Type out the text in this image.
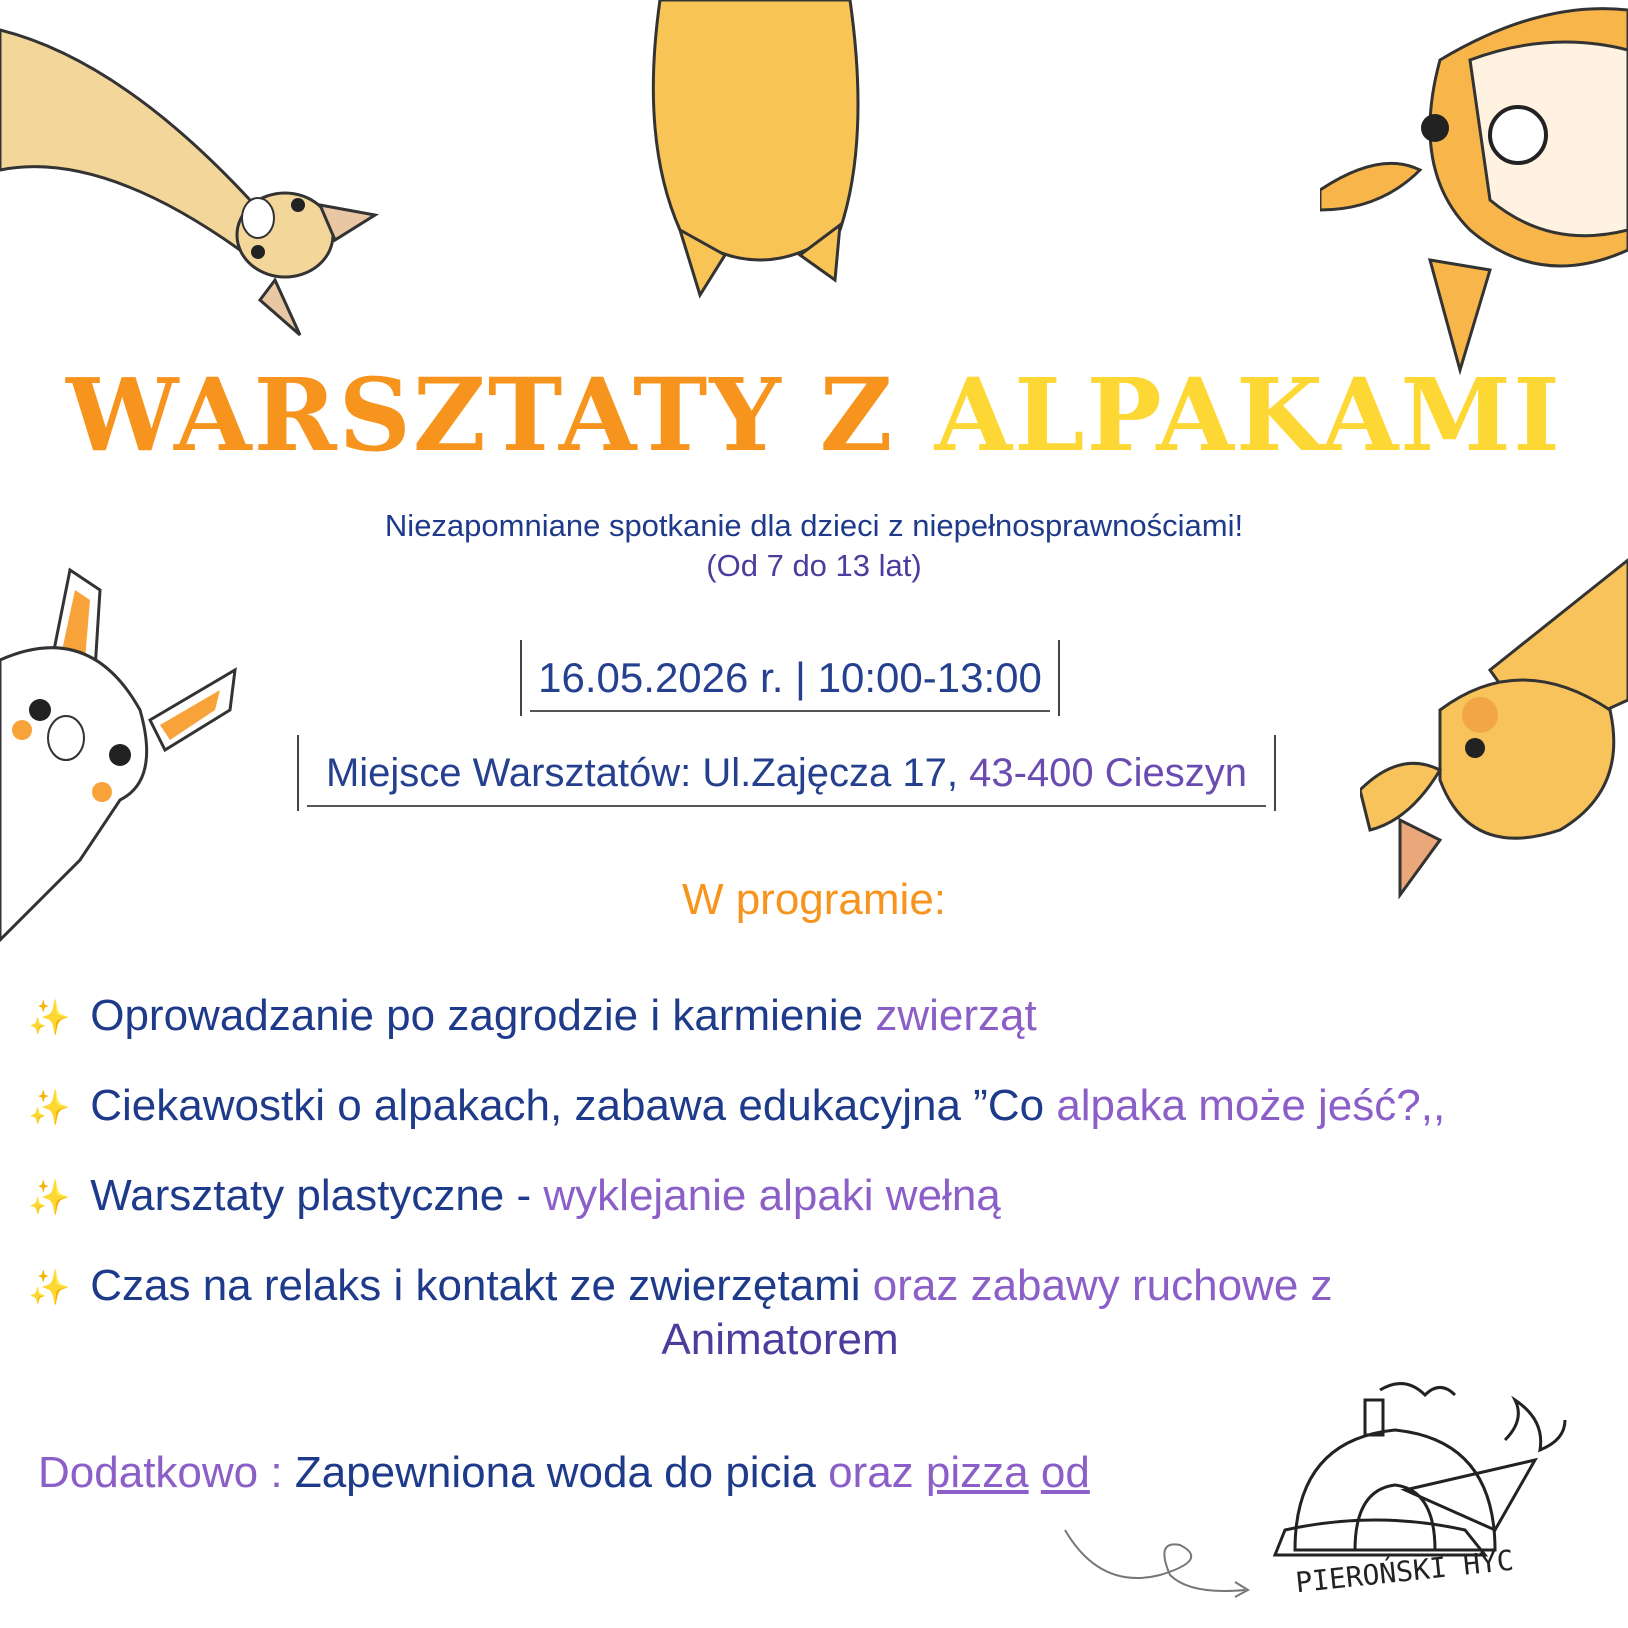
WARSZTATY Z ALPAKAMI
Niezapomniane spotkanie dla dzieci z niepełnosprawnościami!
(Od 7 do 13 lat)
16.05.2026 r. | 10:00-13:00
Miejsce Warsztatów: Ul.Zajęcza 17, 43-400 Cieszyn
W programie:
✨ Oprowadzanie po zagrodzie i karmienie zwierząt
✨ Ciekawostki o alpakach, zabawa edukacyjna ”Co alpaka może jeść?,,
✨ Warsztaty plastyczne - wyklejanie alpaki wełną
✨ Czas na relaks i kontakt ze zwierzętami oraz zabawy ruchowe z
Animatorem
Dodatkowo : Zapewniona woda do picia oraz pizza od
PIEROŃSKI HYC
